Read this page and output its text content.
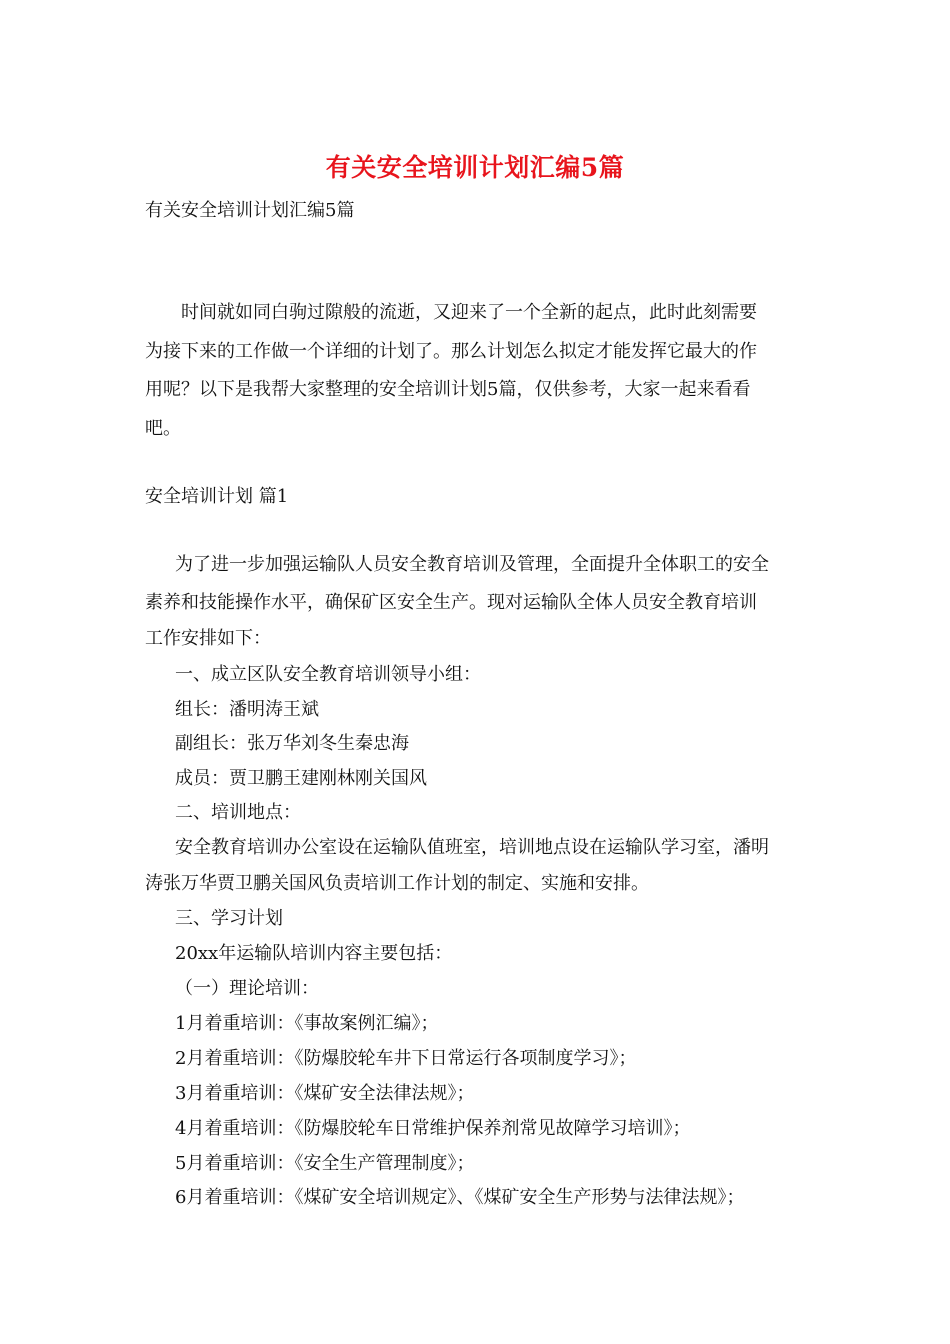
有关安全培训计划汇编5篇
有关安全培训计划汇编5篇
时间就如同白驹过隙般的流逝，又迎来了一个全新的起点，此时此刻需要
为接下来的工作做一个详细的计划了。那么计划怎么拟定才能发挥它最大的作
用呢？以下是我帮大家整理的安全培训计划5篇，仅供参考，大家一起来看看
吧。
安全培训计划 篇1
为了进一步加强运输队人员安全教育培训及管理，全面提升全体职工的安全
素养和技能操作水平，确保矿区安全生产。现对运输队全体人员安全教育培训
工作安排如下：
一、成立区队安全教育培训领导小组：
组长：潘明涛王斌
副组长：张万华刘冬生秦忠海
成员：贾卫鹏王建刚林刚关国风
二、培训地点：
安全教育培训办公室设在运输队值班室，培训地点设在运输队学习室，潘明
涛张万华贾卫鹏关国风负责培训工作计划的制定、实施和安排。
三、学习计划
20xx年运输队培训内容主要包括：
（一）理论培训：
1月着重培训：《事故案例汇编》；
2月着重培训：《防爆胶轮车井下日常运行各项制度学习》；
3月着重培训：《煤矿安全法律法规》；
4月着重培训：《防爆胶轮车日常维护保养剂常见故障学习培训》；
5月着重培训：《安全生产管理制度》；
6月着重培训：《煤矿安全培训规定》、《煤矿安全生产形势与法律法规》；
